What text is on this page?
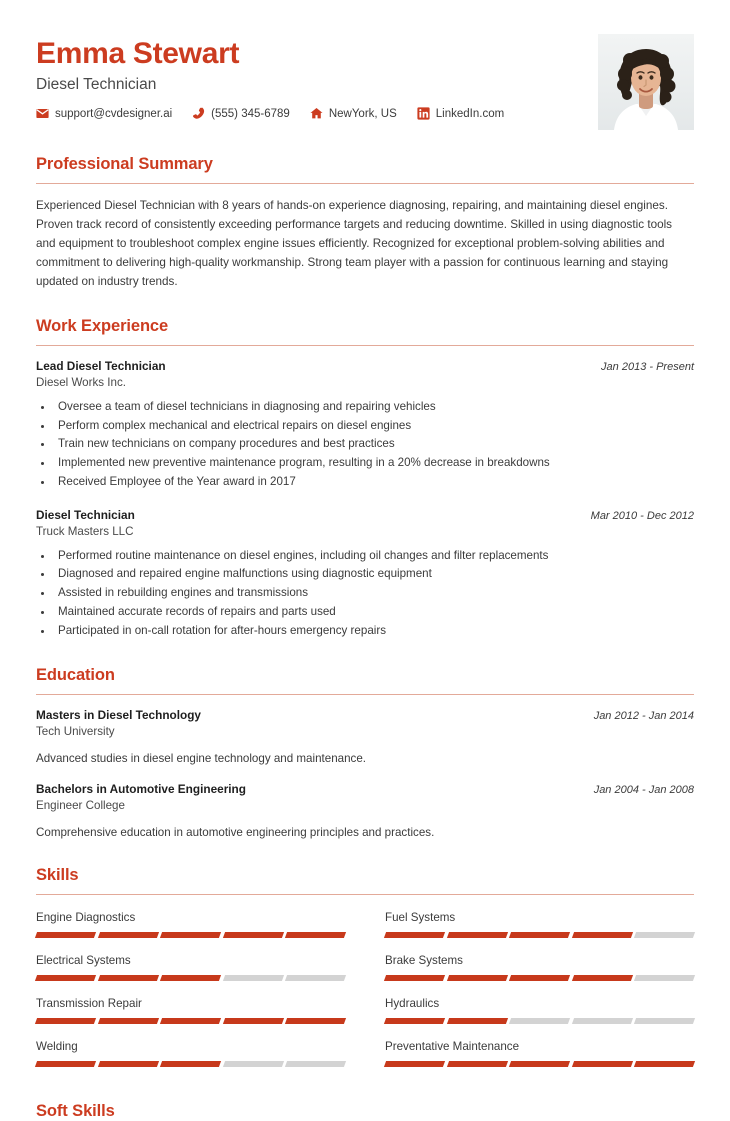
Emma Stewart
Diesel Technician
support@cvdesigner.ai	(555) 345-6789	NewYork, US	LinkedIn.com
Professional Summary
Experienced Diesel Technician with 8 years of hands-on experience diagnosing, repairing, and maintaining diesel engines. Proven track record of consistently exceeding performance targets and reducing downtime. Skilled in using diagnostic tools and equipment to troubleshoot complex engine issues efficiently. Recognized for exceptional problem-solving abilities and commitment to delivering high-quality workmanship. Strong team player with a passion for continuous learning and staying updated on industry trends.
Work Experience
Lead Diesel Technician	Jan 2013 - Present
Diesel Works Inc.
• Oversee a team of diesel technicians in diagnosing and repairing vehicles
• Perform complex mechanical and electrical repairs on diesel engines
• Train new technicians on company procedures and best practices
• Implemented new preventive maintenance program, resulting in a 20% decrease in breakdowns
• Received Employee of the Year award in 2017
Diesel Technician	Mar 2010 - Dec 2012
Truck Masters LLC
• Performed routine maintenance on diesel engines, including oil changes and filter replacements
• Diagnosed and repaired engine malfunctions using diagnostic equipment
• Assisted in rebuilding engines and transmissions
• Maintained accurate records of repairs and parts used
• Participated in on-call rotation for after-hours emergency repairs
Education
Masters in Diesel Technology	Jan 2012 - Jan 2014
Tech University
Advanced studies in diesel engine technology and maintenance.
Bachelors in Automotive Engineering	Jan 2004 - Jan 2008
Engineer College
Comprehensive education in automotive engineering principles and practices.
Skills
Engine Diagnostics	Fuel Systems
Electrical Systems	Brake Systems
Transmission Repair	Hydraulics
Welding	Preventative Maintenance
Soft Skills
